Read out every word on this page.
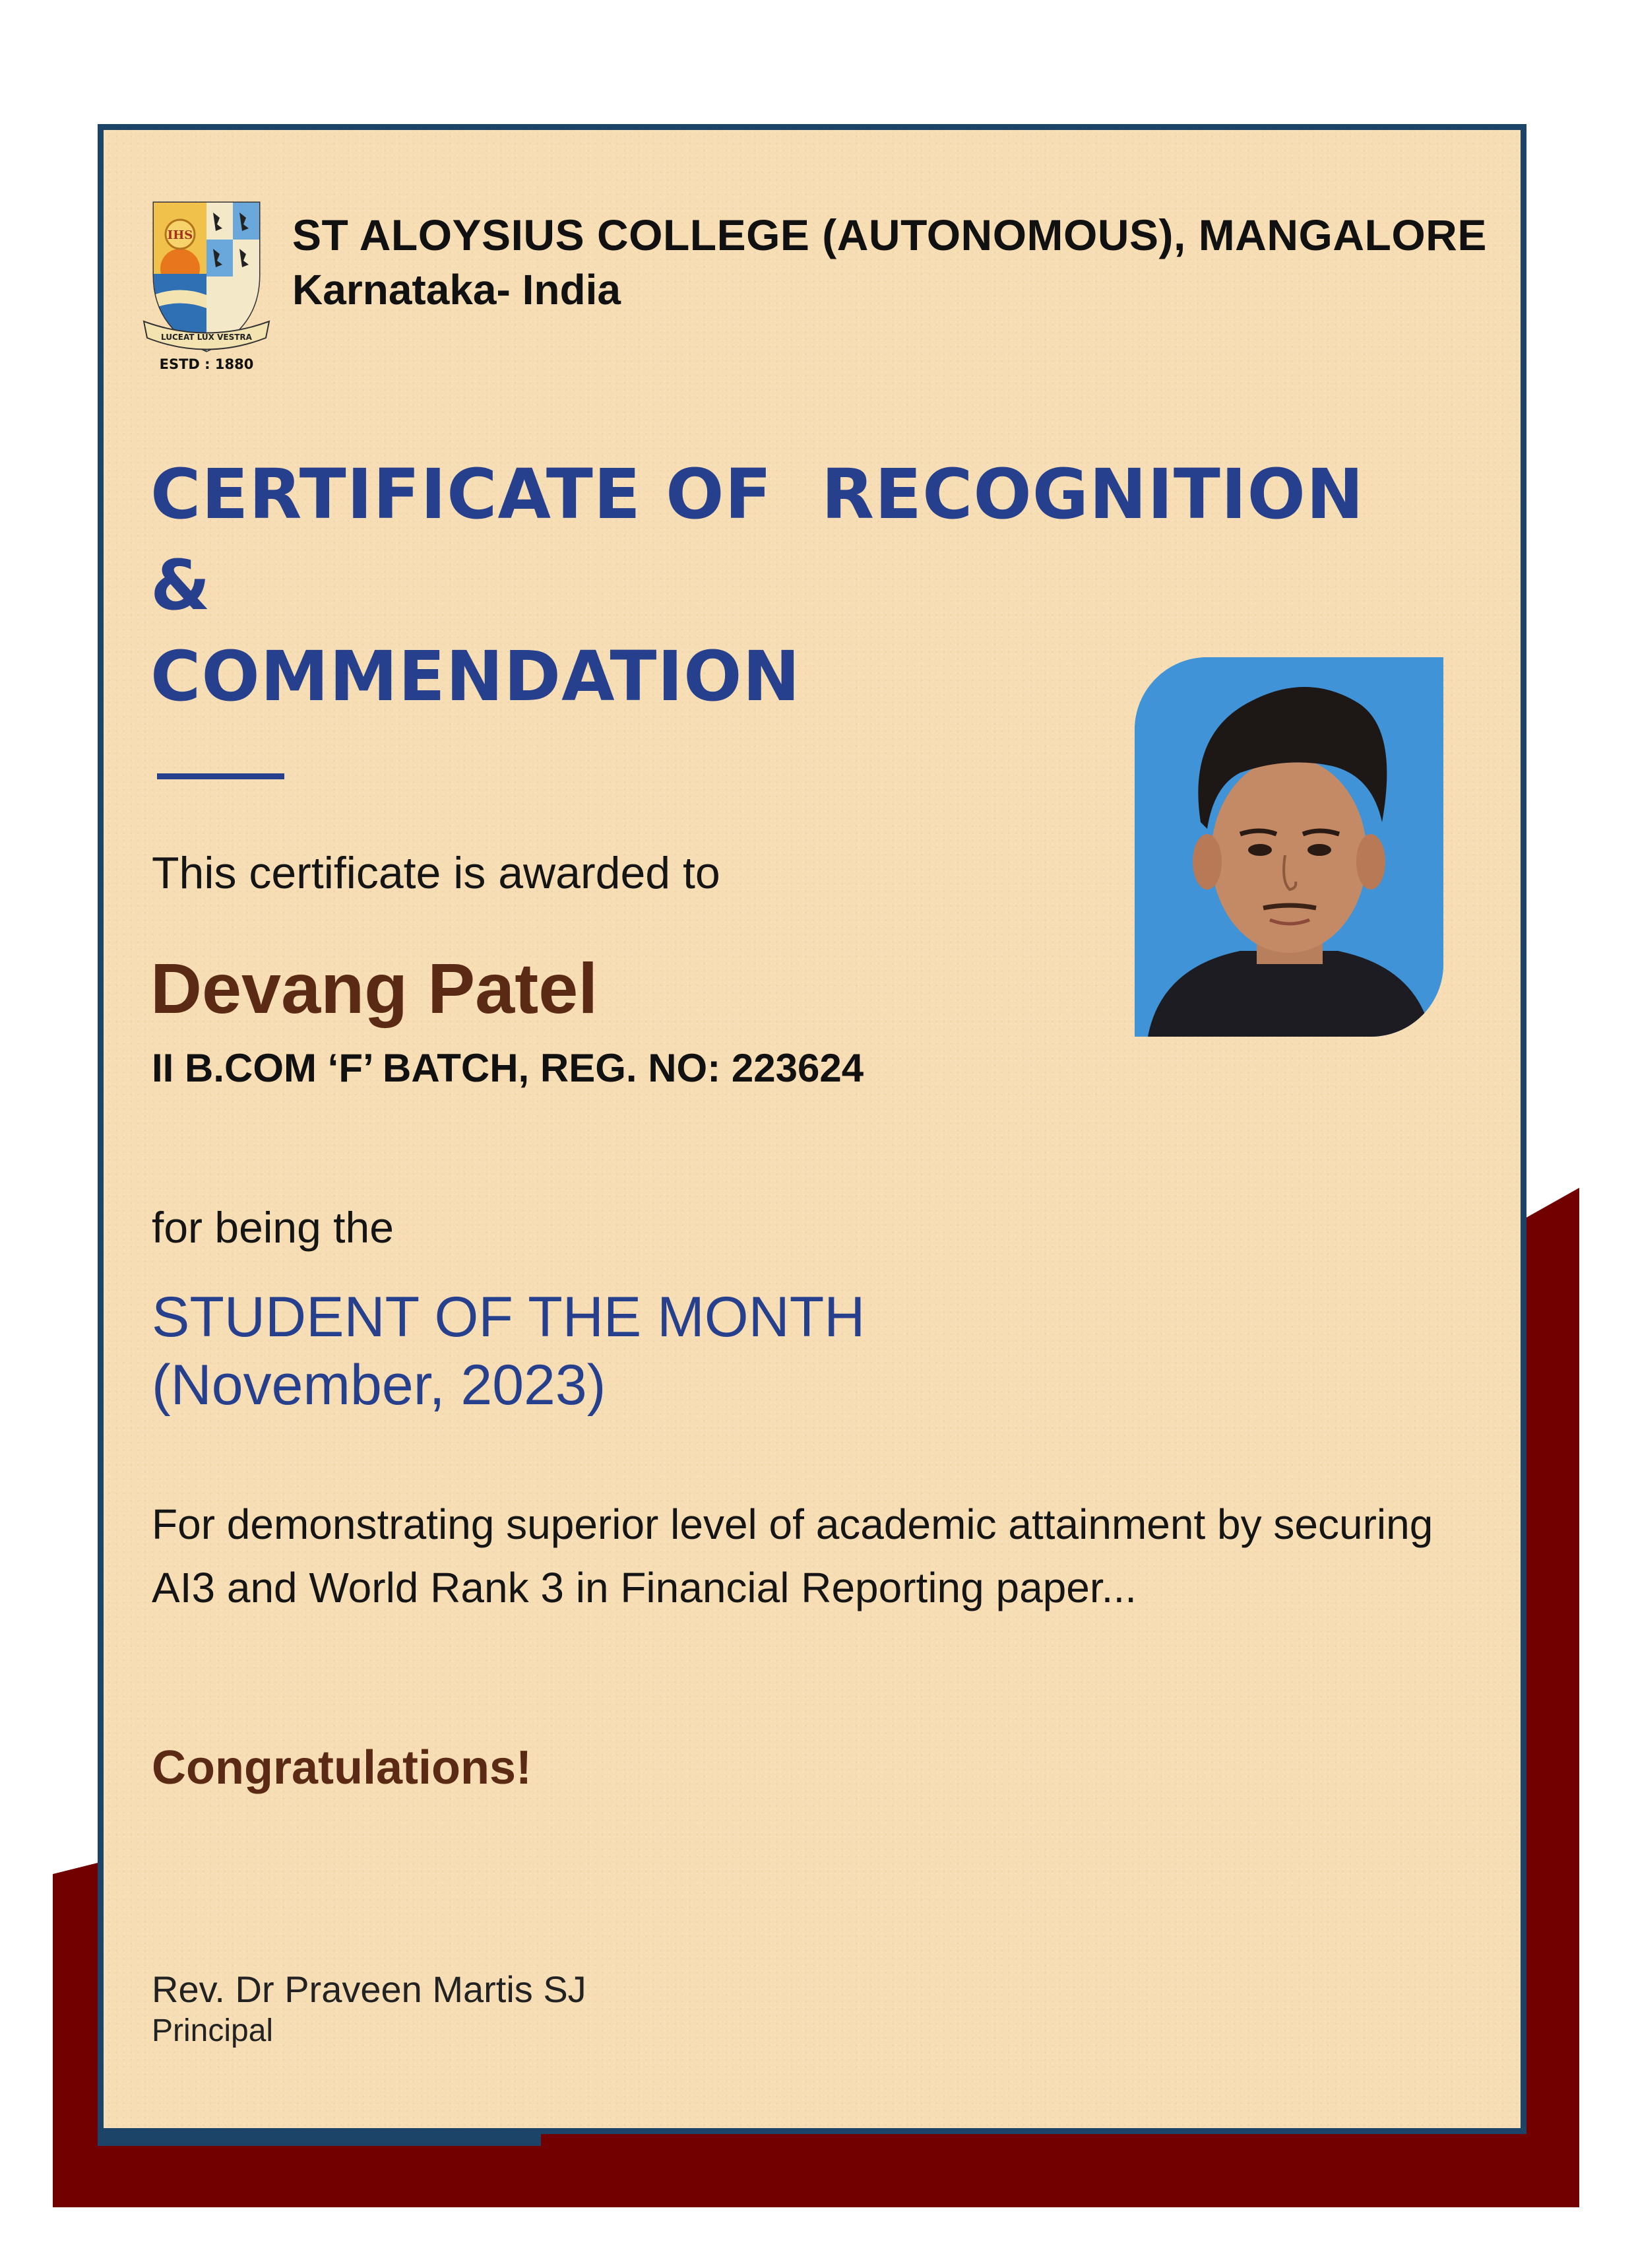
IHS
LUCEAT LUX VESTRA
ESTD : 1880
ST ALOYSIUS COLLEGE (AUTONOMOUS), MANGALORE
Karnataka- India
CERTIFICATE OF  RECOGNITION
&
COMMENDATION
This certificate is awarded to
Devang Patel
II B.COM ‘F’ BATCH, REG. NO: 223624
for being the
STUDENT OF THE MONTH
(November, 2023)
For demonstrating superior level of academic attainment by securing AI3 and World Rank 3 in Financial Reporting paper...
Congratulations!
Rev. Dr Praveen Martis SJ
Principal
